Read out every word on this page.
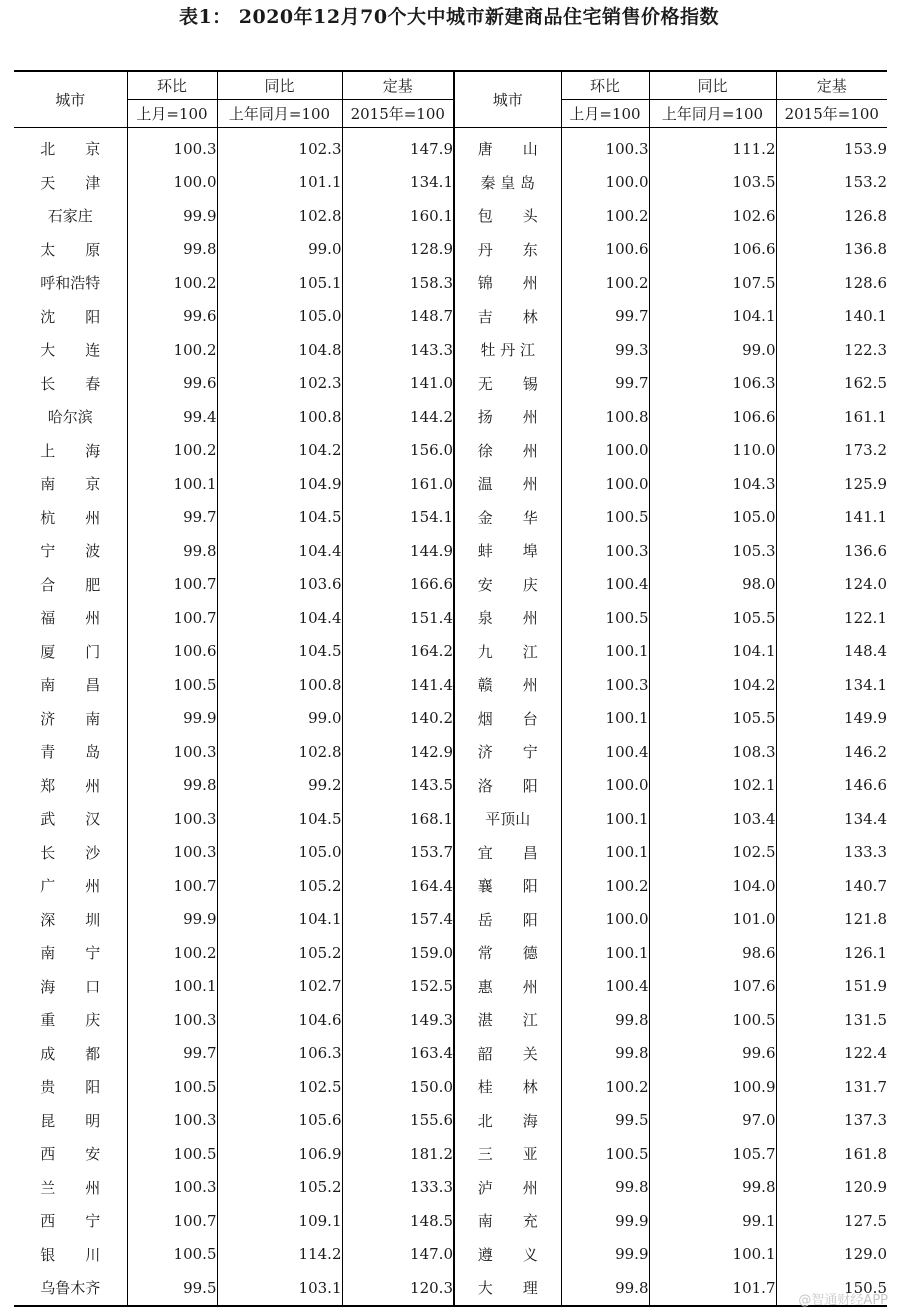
表1： 2020年12月70个大中城市新建商品住宅销售价格指数
城市	环比	同比	定基	城市	环比	同比	定基
	上月=100	上年同月=100	2015年=100		上月=100	上年同月=100	2015年=100
北　　京	100.3	102.3	147.9	唐　　山	100.3	111.2	153.9
天　　津	100.0	101.1	134.1	秦 皇 岛	100.0	103.5	153.2
石家庄	99.9	102.8	160.1	包　　头	100.2	102.6	126.8
太　　原	99.8	99.0	128.9	丹　　东	100.6	106.6	136.8
呼和浩特	100.2	105.1	158.3	锦　　州	100.2	107.5	128.6
沈　　阳	99.6	105.0	148.7	吉　　林	99.7	104.1	140.1
大　　连	100.2	104.8	143.3	牡 丹 江	99.3	99.0	122.3
长　　春	99.6	102.3	141.0	无　　锡	99.7	106.3	162.5
哈尔滨	99.4	100.8	144.2	扬　　州	100.8	106.6	161.1
上　　海	100.2	104.2	156.0	徐　　州	100.0	110.0	173.2
南　　京	100.1	104.9	161.0	温　　州	100.0	104.3	125.9
杭　　州	99.7	104.5	154.1	金　　华	100.5	105.0	141.1
宁　　波	99.8	104.4	144.9	蚌　　埠	100.3	105.3	136.6
合　　肥	100.7	103.6	166.6	安　　庆	100.4	98.0	124.0
福　　州	100.7	104.4	151.4	泉　　州	100.5	105.5	122.1
厦　　门	100.6	104.5	164.2	九　　江	100.1	104.1	148.4
南　　昌	100.5	100.8	141.4	赣　　州	100.3	104.2	134.1
济　　南	99.9	99.0	140.2	烟　　台	100.1	105.5	149.9
青　　岛	100.3	102.8	142.9	济　　宁	100.4	108.3	146.2
郑　　州	99.8	99.2	143.5	洛　　阳	100.0	102.1	146.6
武　　汉	100.3	104.5	168.1	平顶山	100.1	103.4	134.4
长　　沙	100.3	105.0	153.7	宜　　昌	100.1	102.5	133.3
广　　州	100.7	105.2	164.4	襄　　阳	100.2	104.0	140.7
深　　圳	99.9	104.1	157.4	岳　　阳	100.0	101.0	121.8
南　　宁	100.2	105.2	159.0	常　　德	100.1	98.6	126.1
海　　口	100.1	102.7	152.5	惠　　州	100.4	107.6	151.9
重　　庆	100.3	104.6	149.3	湛　　江	99.8	100.5	131.5
成　　都	99.7	106.3	163.4	韶　　关	99.8	99.6	122.4
贵　　阳	100.5	102.5	150.0	桂　　林	100.2	100.9	131.7
昆　　明	100.3	105.6	155.6	北　　海	99.5	97.0	137.3
西　　安	100.5	106.9	181.2	三　　亚	100.5	105.7	161.8
兰　　州	100.3	105.2	133.3	泸　　州	99.8	99.8	120.9
西　　宁	100.7	109.1	148.5	南　　充	99.9	99.1	127.5
银　　川	100.5	114.2	147.0	遵　　义	99.9	100.1	129.0
乌鲁木齐	99.5	103.1	120.3	大　　理	99.8	101.7	150.5
@智通财经APP
